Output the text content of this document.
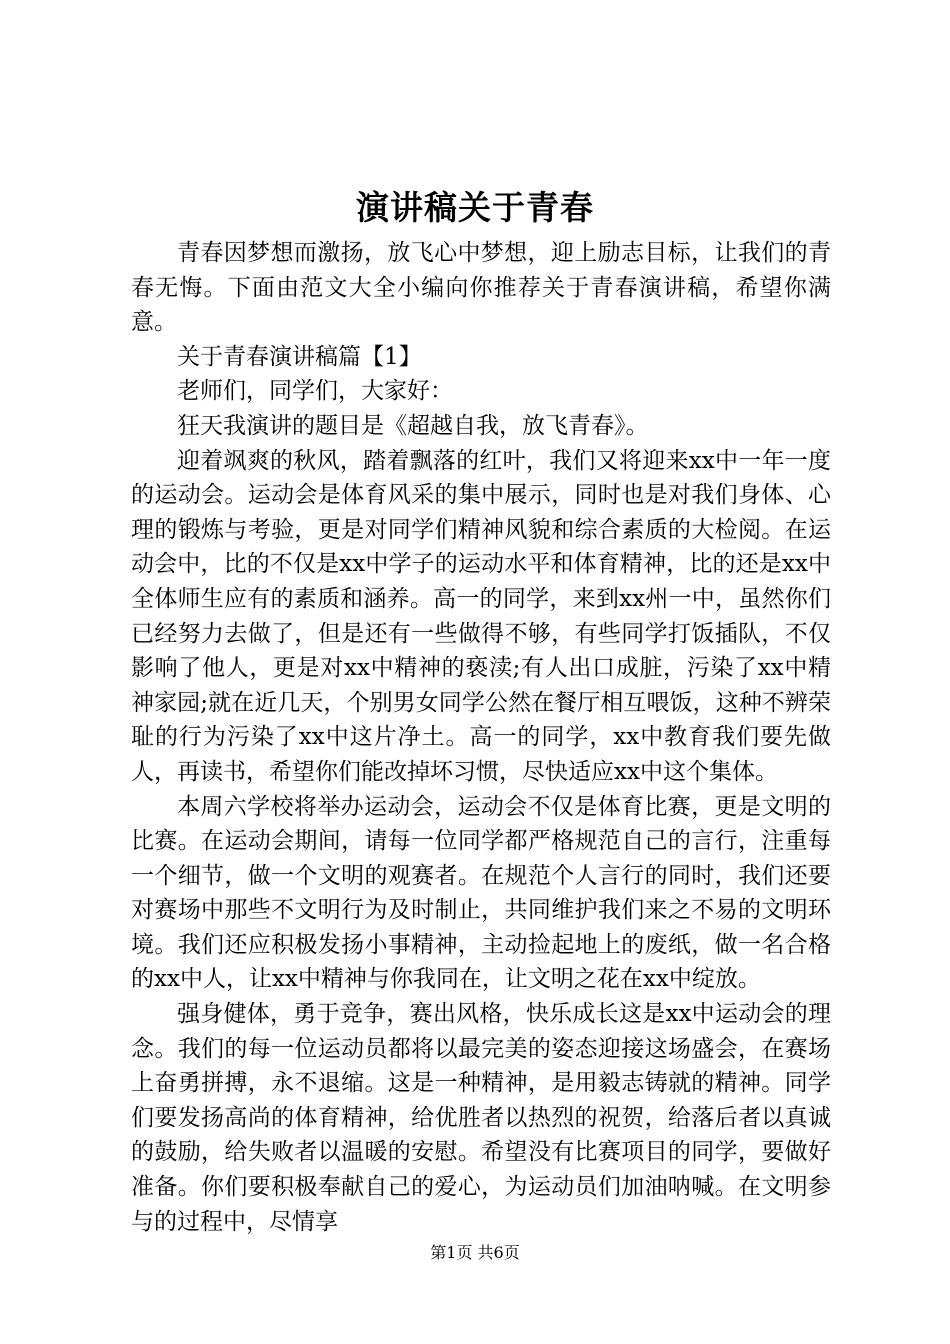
演讲稿关于青春

青春因梦想而激扬，放飞心中梦想，迎上励志目标，让我们的青春无悔。下面由范文大全小编向你推荐关于青春演讲稿，希望你满意。

关于青春演讲稿篇【1】

老师们，同学们，大家好：

狂天我演讲的题目是《超越自我，放飞青春》。

迎着飒爽的秋风，踏着飘落的红叶，我们又将迎来xx中一年一度的运动会。运动会是体育风采的集中展示，同时也是对我们身体、心理的锻炼与考验，更是对同学们精神风貌和综合素质的大检阅。在运动会中，比的不仅是xx中学子的运动水平和体育精神，比的还是xx中全体师生应有的素质和涵养。高一的同学，来到xx州一中，虽然你们已经努力去做了，但是还有一些做得不够，有些同学打饭插队，不仅影响了他人，更是对xx中精神的亵渎;有人出口成脏，污染了xx中精神家园;就在近几天，个别男女同学公然在餐厅相互喂饭，这种不辨荣耻的行为污染了xx中这片净土。高一的同学，xx中教育我们要先做人，再读书，希望你们能改掉坏习惯，尽快适应xx中这个集体。

本周六学校将举办运动会，运动会不仅是体育比赛，更是文明的比赛。在运动会期间，请每一位同学都严格规范自己的言行，注重每一个细节，做一个文明的观赛者。在规范个人言行的同时，我们还要对赛场中那些不文明行为及时制止，共同维护我们来之不易的文明环境。我们还应积极发扬小事精神，主动捡起地上的废纸，做一名合格的xx中人，让xx中精神与你我同在，让文明之花在xx中绽放。

强身健体，勇于竞争，赛出风格，快乐成长这是xx中运动会的理念。我们的每一位运动员都将以最完美的姿态迎接这场盛会，在赛场上奋勇拼搏，永不退缩。这是一种精神，是用毅志铸就的精神。同学们要发扬高尚的体育精神，给优胜者以热烈的祝贺，给落后者以真诚的鼓励，给失败者以温暖的安慰。希望没有比赛项目的同学，要做好准备。你们要积极奉献自己的爱心，为运动员们加油呐喊。在文明参与的过程中，尽情享

第1页 共6页
